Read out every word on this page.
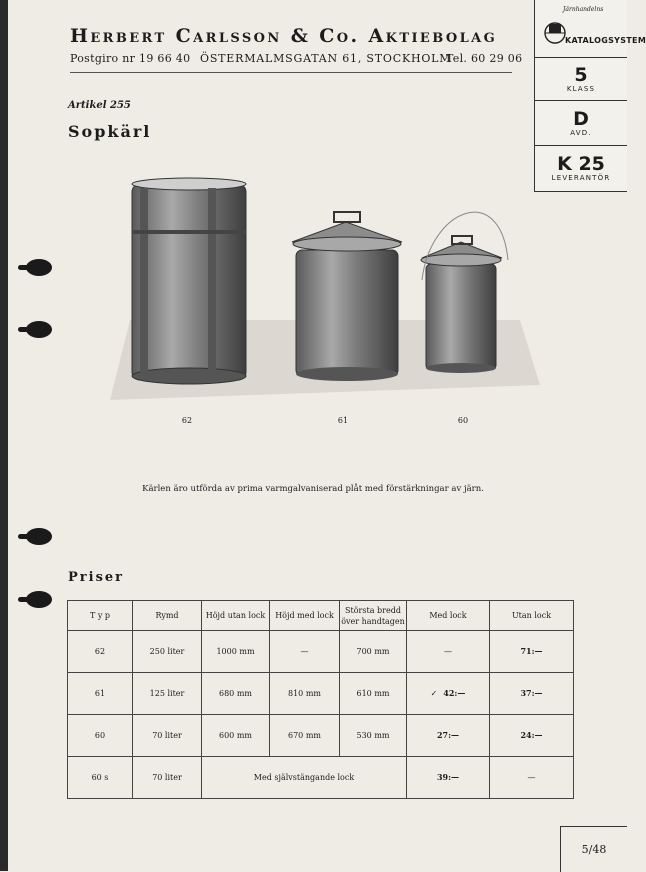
Herbert Carlsson & Co. Aktiebolag
Postgiro nr 19 66 40 ÖSTERMALMSGATAN 61, STOCKHOLM
Tel. 60 29 06
Järnhandelns
KATALOGSYSTEM
5
KLASS
D
AVD.
K 25
LEVERANTÖR
Artikel 255
Sopkärl
62	61	60
Kärlen äro utförda av prima varmgalvaniserad plåt med förstärkningar av järn.
Priser
T y p	Rymd	Höjd utan lock	Höjd med lock	Största bredd över handtagen	Med lock	Utan lock
62	250 liter	1000 mm	—	700 mm	—	71:—
61	125 liter	680 mm	810 mm	610 mm	✓ 42:—	37:—
60	70 liter	600 mm	670 mm	530 mm	27:—	24:—
60 s	70 liter	Med självstängande lock			39:—	—
5/48
